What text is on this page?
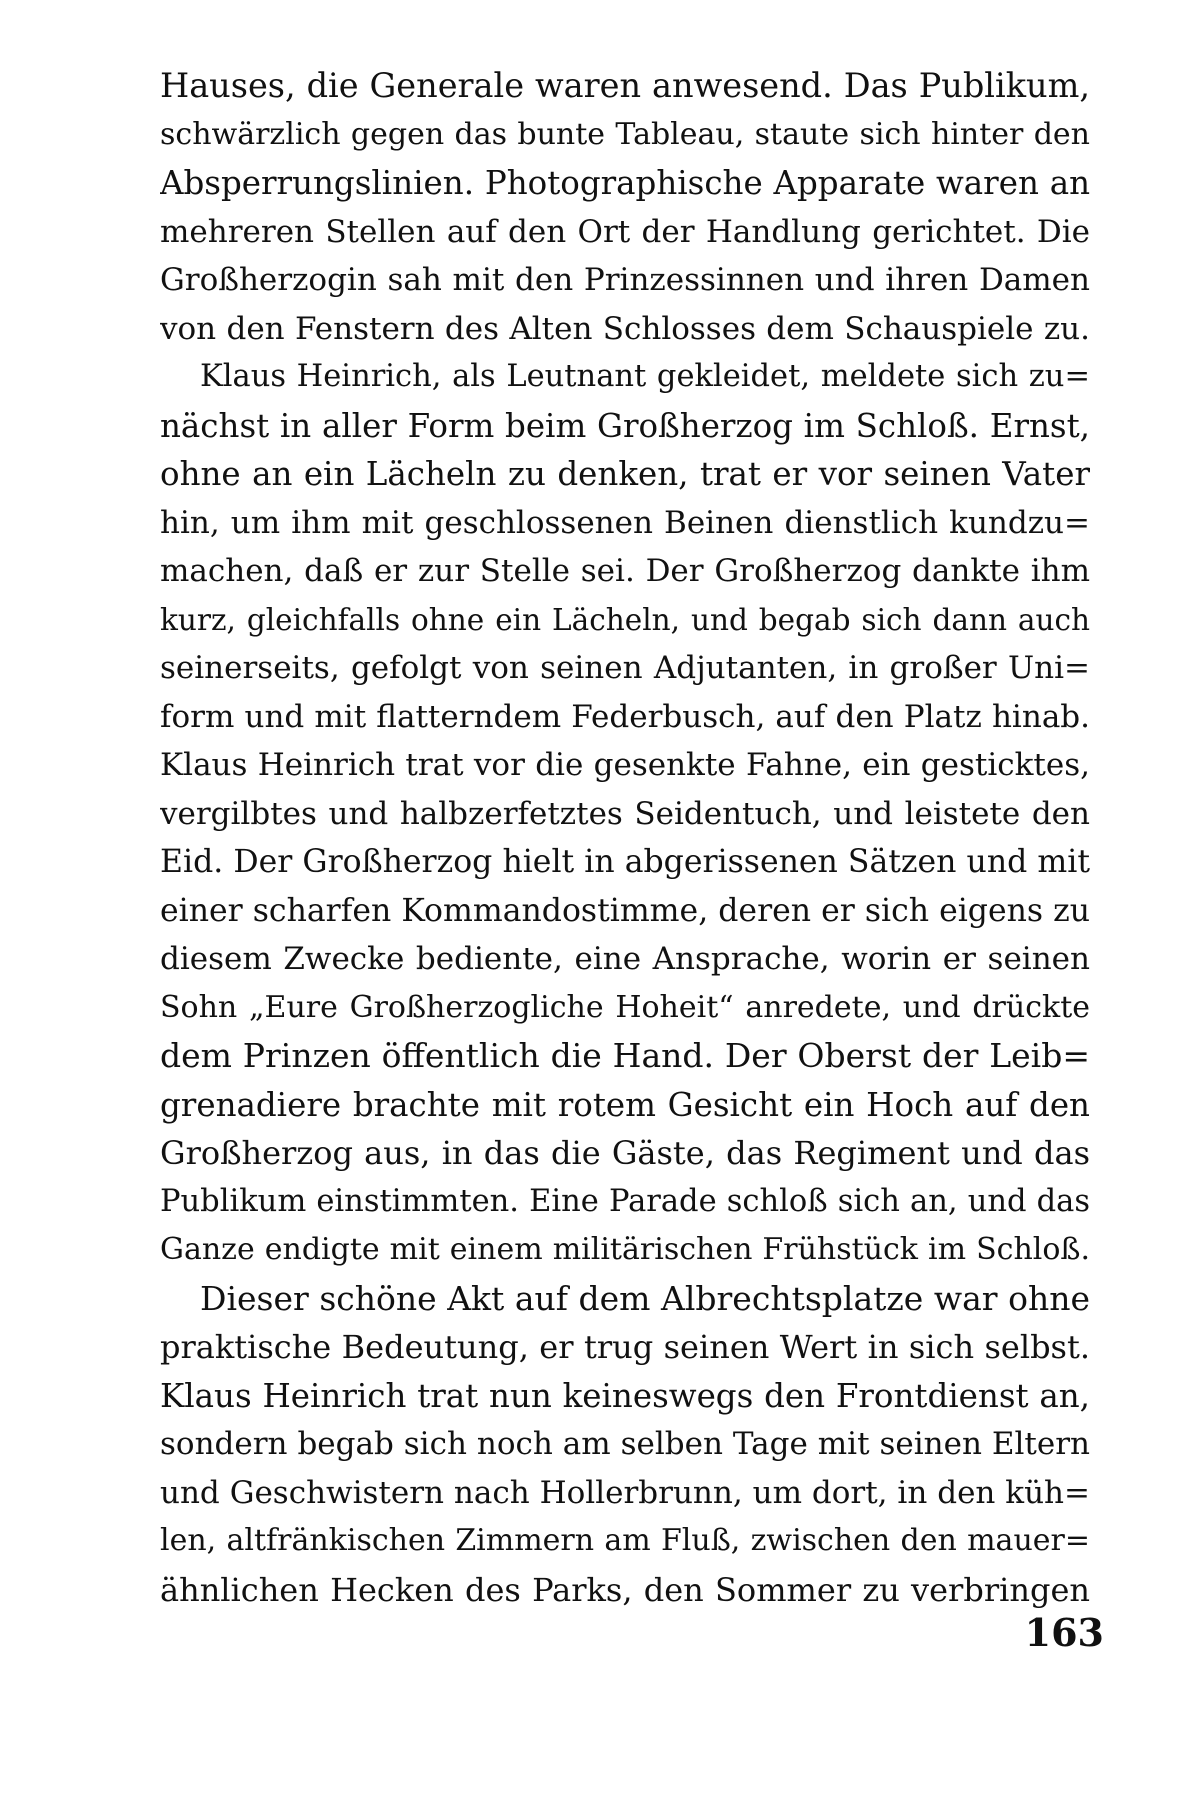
Hauses, die Generale waren anwesend. Das Publikum,
schwärzlich gegen das bunte Tableau, staute sich hinter den
Absperrungslinien. Photographische Apparate waren an
mehreren Stellen auf den Ort der Handlung gerichtet. Die
Großherzogin sah mit den Prinzessinnen und ihren Damen
von den Fenstern des Alten Schlosses dem Schauspiele zu.
Klaus Heinrich, als Leutnant gekleidet, meldete sich zu=
nächst in aller Form beim Großherzog im Schloß. Ernst,
ohne an ein Lächeln zu denken, trat er vor seinen Vater
hin, um ihm mit geschlossenen Beinen dienstlich kundzu=
machen, daß er zur Stelle sei. Der Großherzog dankte ihm
kurz, gleichfalls ohne ein Lächeln, und begab sich dann auch
seinerseits, gefolgt von seinen Adjutanten, in großer Uni=
form und mit flatterndem Federbusch, auf den Platz hinab.
Klaus Heinrich trat vor die gesenkte Fahne, ein gesticktes,
vergilbtes und halbzerfetztes Seidentuch, und leistete den
Eid. Der Großherzog hielt in abgerissenen Sätzen und mit
einer scharfen Kommandostimme, deren er sich eigens zu
diesem Zwecke bediente, eine Ansprache, worin er seinen
Sohn „Eure Großherzogliche Hoheit“ anredete, und drückte
dem Prinzen öffentlich die Hand. Der Oberst der Leib=
grenadiere brachte mit rotem Gesicht ein Hoch auf den
Großherzog aus, in das die Gäste, das Regiment und das
Publikum einstimmten. Eine Parade schloß sich an, und das
Ganze endigte mit einem militärischen Frühstück im Schloß.
Dieser schöne Akt auf dem Albrechtsplatze war ohne
praktische Bedeutung, er trug seinen Wert in sich selbst.
Klaus Heinrich trat nun keineswegs den Frontdienst an,
sondern begab sich noch am selben Tage mit seinen Eltern
und Geschwistern nach Hollerbrunn, um dort, in den küh=
len, altfränkischen Zimmern am Fluß, zwischen den mauer=
ähnlichen Hecken des Parks, den Sommer zu verbringen
163
